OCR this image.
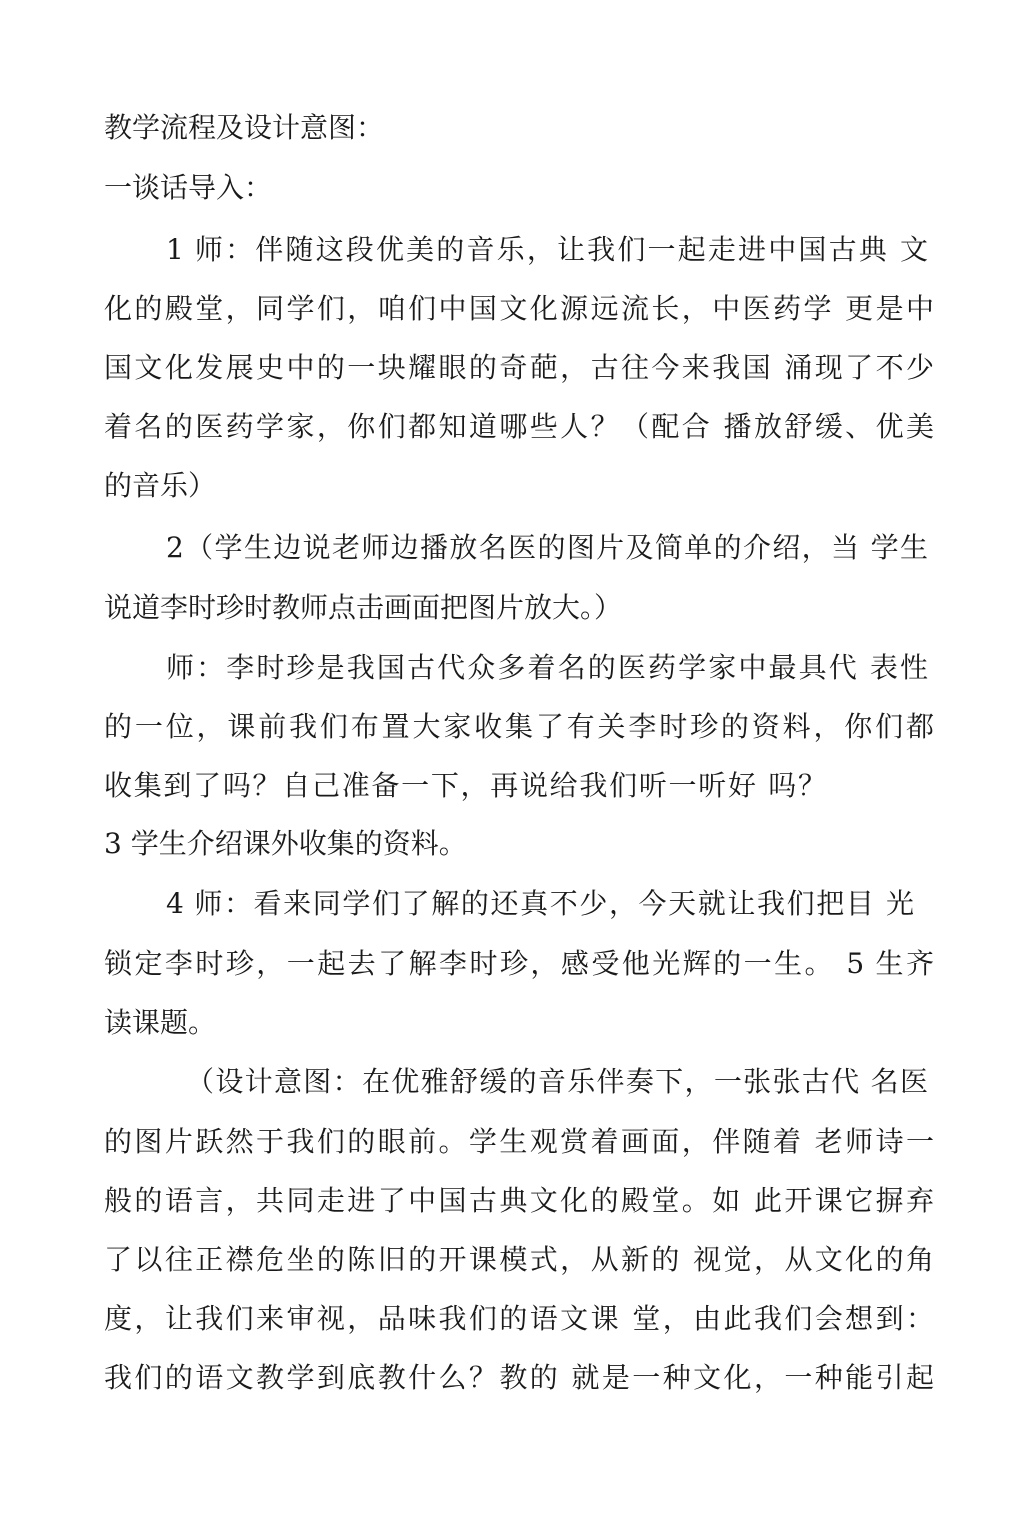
教学流程及设计意图：
一谈话导入：
1 师：伴随这段优美的音乐，让我们一起走进中国古典 文
化的殿堂，同学们，咱们中国文化源远流长，中医药学 更是中
国文化发展史中的一块耀眼的奇葩，古往今来我国 涌现了不少
着名的医药学家，你们都知道哪些人？（配合 播放舒缓、优美
的音乐）
2（学生边说老师边播放名医的图片及简单的介绍，当 学生
说道李时珍时教师点击画面把图片放大。）
师：李时珍是我国古代众多着名的医药学家中最具代 表性
的一位，课前我们布置大家收集了有关李时珍的资料，你们都
收集到了吗？自己准备一下，再说给我们听一听好 吗？
3 学生介绍课外收集的资料。
4 师：看来同学们了解的还真不少，今天就让我们把目 光
锁定李时珍，一起去了解李时珍，感受他光辉的一生。 5 生齐
读课题。
（设计意图：在优雅舒缓的音乐伴奏下，一张张古代 名医
的图片跃然于我们的眼前。学生观赏着画面，伴随着 老师诗一
般的语言，共同走进了中国古典文化的殿堂。如 此开课它摒弃
了以往正襟危坐的陈旧的开课模式，从新的 视觉，从文化的角
度，让我们来审视，品味我们的语文课 堂，由此我们会想到：
我们的语文教学到底教什么？教的 就是一种文化，一种能引起
